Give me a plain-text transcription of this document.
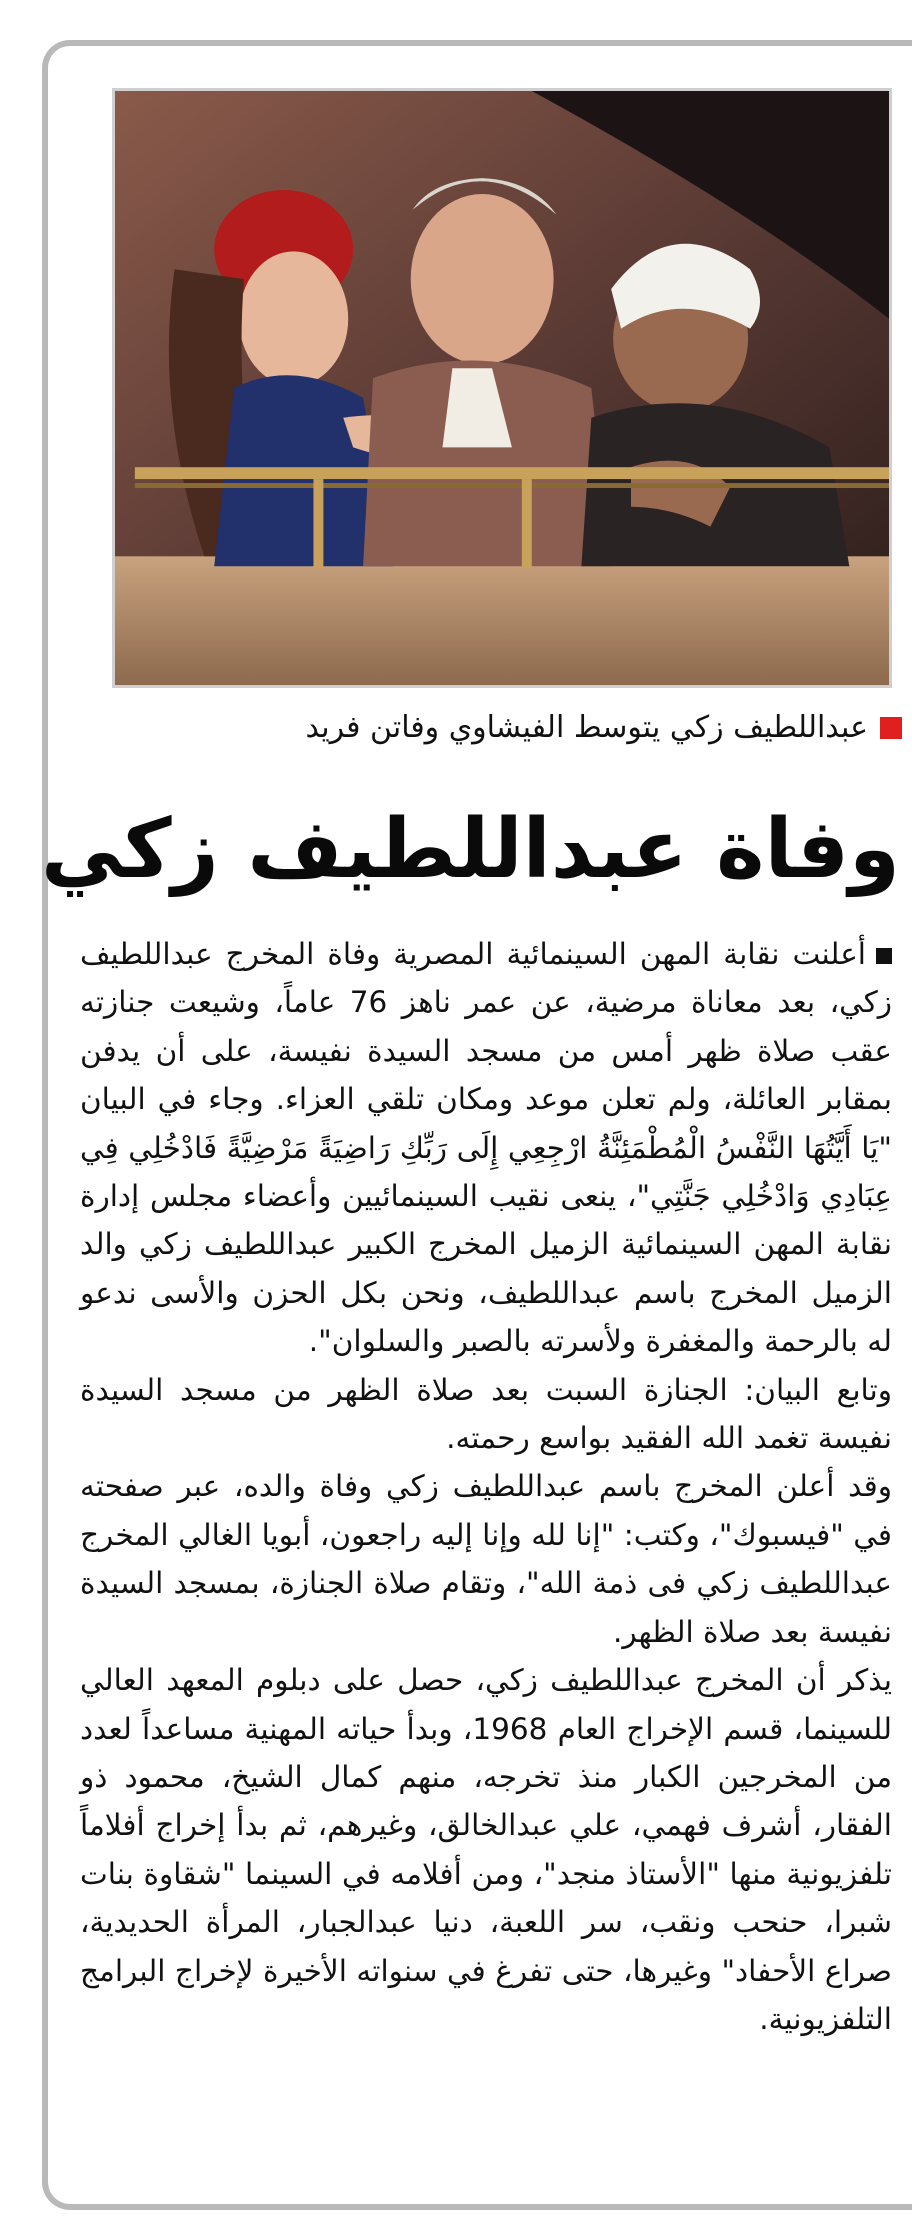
عبداللطيف زكي يتوسط الفيشاوي وفاتن فريد
وفاة عبداللطيف زكي

أعلنت نقابة المهن السينمائية المصرية وفاة المخرج عبداللطيف زكي، بعد معاناة مرضية، عن عمر ناهز 76 عاماً، وشيعت جنازته عقب صلاة ظهر أمس من مسجد السيدة نفيسة، على أن يدفن بمقابر العائلة، ولم تعلن موعد ومكان تلقي العزاء. وجاء في البيان "يَا أَيَّتُهَا النَّفْسُ الْمُطْمَئِنَّةُ ارْجِعِي إِلَى رَبِّكِ رَاضِيَةً مَرْضِيَّةً فَادْخُلِي فِي عِبَادِي وَادْخُلِي جَنَّتِي"، ينعى نقيب السينمائيين وأعضاء مجلس إدارة نقابة المهن السينمائية الزميل المخرج الكبير عبداللطيف زكي والد الزميل المخرج باسم عبداللطيف، ونحن بكل الحزن والأسى ندعو له بالرحمة والمغفرة ولأسرته بالصبر والسلوان".

وتابع البيان: الجنازة السبت بعد صلاة الظهر من مسجد السيدة نفيسة تغمد الله الفقيد بواسع رحمته.

وقد أعلن المخرج باسم عبداللطيف زكي وفاة والده، عبر صفحته في "فيسبوك"، وكتب: "إنا لله وإنا إليه راجعون، أبويا الغالي المخرج عبداللطيف زكي فى ذمة الله"، وتقام صلاة الجنازة، بمسجد السيدة نفيسة بعد صلاة الظهر.

يذكر أن المخرج عبداللطيف زكي، حصل على دبلوم المعهد العالي للسينما، قسم الإخراج العام 1968، وبدأ حياته المهنية مساعداً لعدد من المخرجين الكبار منذ تخرجه، منهم كمال الشيخ، محمود ذو الفقار، أشرف فهمي، علي عبدالخالق، وغيرهم، ثم بدأ إخراج أفلاماً تلفزيونية منها "الأستاذ منجد"، ومن أفلامه في السينما "شقاوة بنات شبرا، حنحب ونقب، سر اللعبة، دنيا عبدالجبار، المرأة الحديدية، صراع الأحفاد" وغيرها، حتى تفرغ في سنواته الأخيرة لإخراج البرامج التلفزيونية.
